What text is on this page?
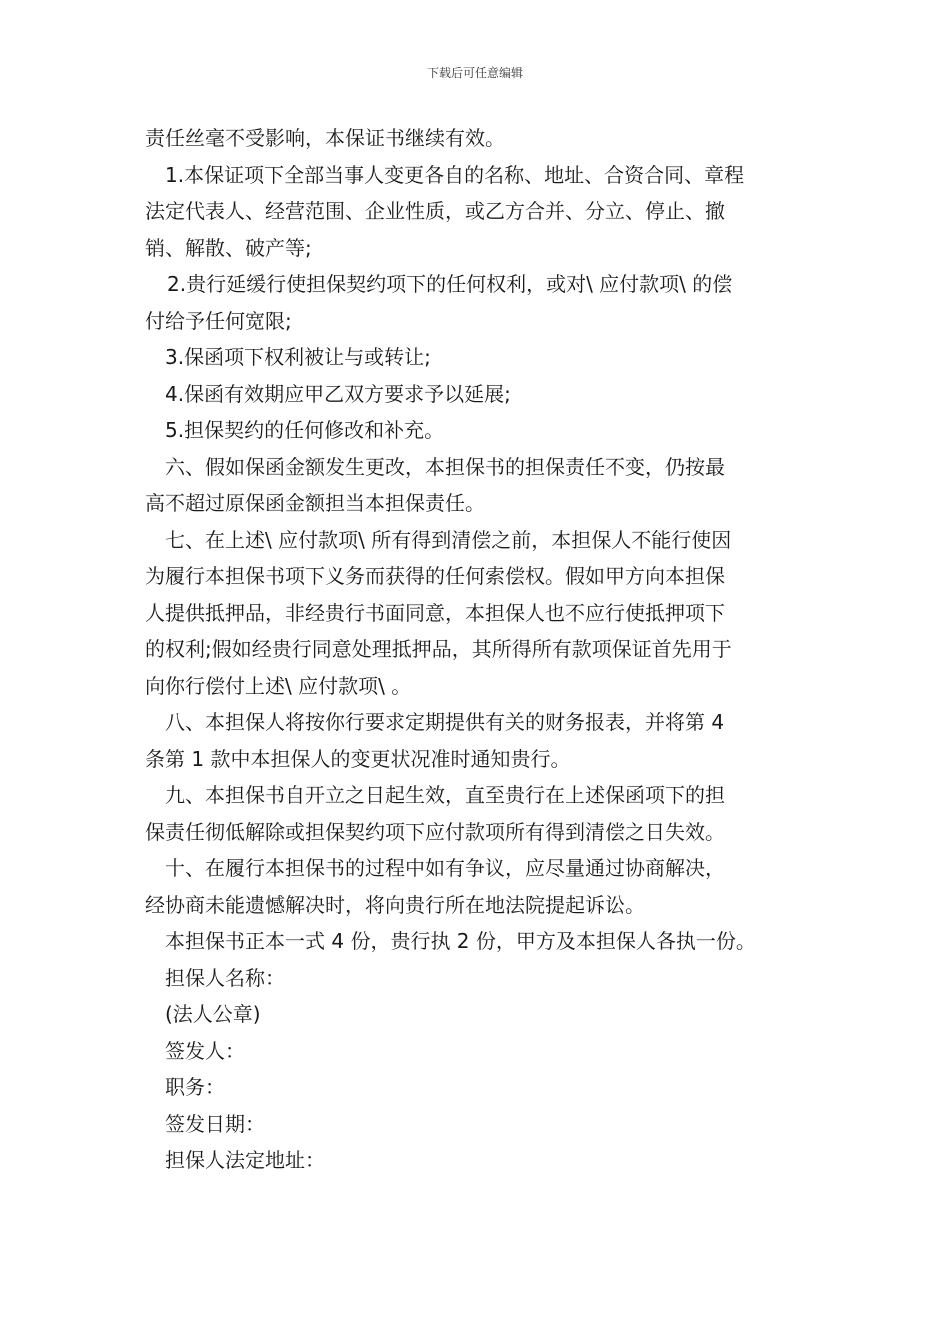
下载后可任意编辑
责任丝毫不受影响，本保证书继续有效。
1.本保证项下全部当事人变更各自的名称、地址、合资合同、章程
法定代表人、经营范围、企业性质，或乙方合并、分立、停止、撤
销、解散、破产等;
2.贵行延缓行使担保契约项下的任何权利，或对\ 应付款项\ 的偿
付给予任何宽限;
3.保函项下权利被让与或转让;
4.保函有效期应甲乙双方要求予以延展;
5.担保契约的任何修改和补充。
六、假如保函金额发生更改，本担保书的担保责任不变，仍按最
高不超过原保函金额担当本担保责任。
七、在上述\ 应付款项\ 所有得到清偿之前，本担保人不能行使因
为履行本担保书项下义务而获得的任何索偿权。假如甲方向本担保
人提供抵押品，非经贵行书面同意，本担保人也不应行使抵押项下
的权利;假如经贵行同意处理抵押品，其所得所有款项保证首先用于
向你行偿付上述\ 应付款项\ 。
八、本担保人将按你行要求定期提供有关的财务报表，并将第 4
条第 1 款中本担保人的变更状况准时通知贵行。
九、本担保书自开立之日起生效，直至贵行在上述保函项下的担
保责任彻低解除或担保契约项下应付款项所有得到清偿之日失效。
十、在履行本担保书的过程中如有争议，应尽量通过协商解决，
经协商未能遗憾解决时，将向贵行所在地法院提起诉讼。
本担保书正本一式 4 份，贵行执 2 份，甲方及本担保人各执一份。
担保人名称：
(法人公章)
签发人：
职务：
签发日期：
担保人法定地址：
